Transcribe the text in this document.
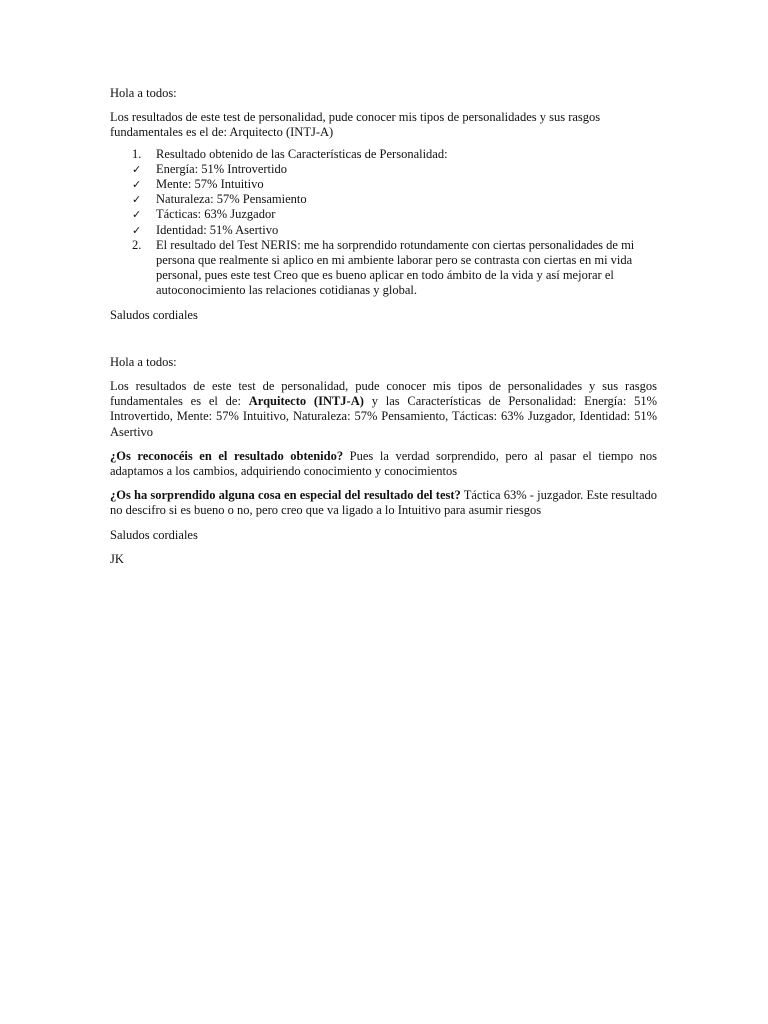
Hola a todos:

Los resultados de este test de personalidad, pude conocer mis tipos de personalidades y sus rasgos fundamentales es el de: Arquitecto (INTJ-A)

1. Resultado obtenido de las Características de Personalidad:
✓ Energía: 51% Introvertido
✓ Mente: 57% Intuitivo
✓ Naturaleza: 57% Pensamiento
✓ Tácticas: 63% Juzgador
✓ Identidad: 51% Asertivo
2. El resultado del Test NERIS: me ha sorprendido rotundamente con ciertas personalidades de mi persona que realmente si aplico en mi ambiente laborar pero se contrasta con ciertas en mi vida personal, pues este test Creo que es bueno aplicar en todo ámbito de la vida y así mejorar el autoconocimiento las relaciones cotidianas y global.

Saludos cordiales

Hola a todos:

Los resultados de este test de personalidad, pude conocer mis tipos de personalidades y sus rasgos fundamentales es el de: Arquitecto (INTJ-A) y las Características de Personalidad: Energía: 51% Introvertido, Mente: 57% Intuitivo, Naturaleza: 57% Pensamiento, Tácticas: 63% Juzgador, Identidad: 51% Asertivo

¿Os reconocéis en el resultado obtenido? Pues la verdad sorprendido, pero al pasar el tiempo nos adaptamos a los cambios, adquiriendo conocimiento y conocimientos

¿Os ha sorprendido alguna cosa en especial del resultado del test? Táctica 63% - juzgador. Este resultado no descifro si es bueno o no, pero creo que va ligado a lo Intuitivo para asumir riesgos

Saludos cordiales

JK
